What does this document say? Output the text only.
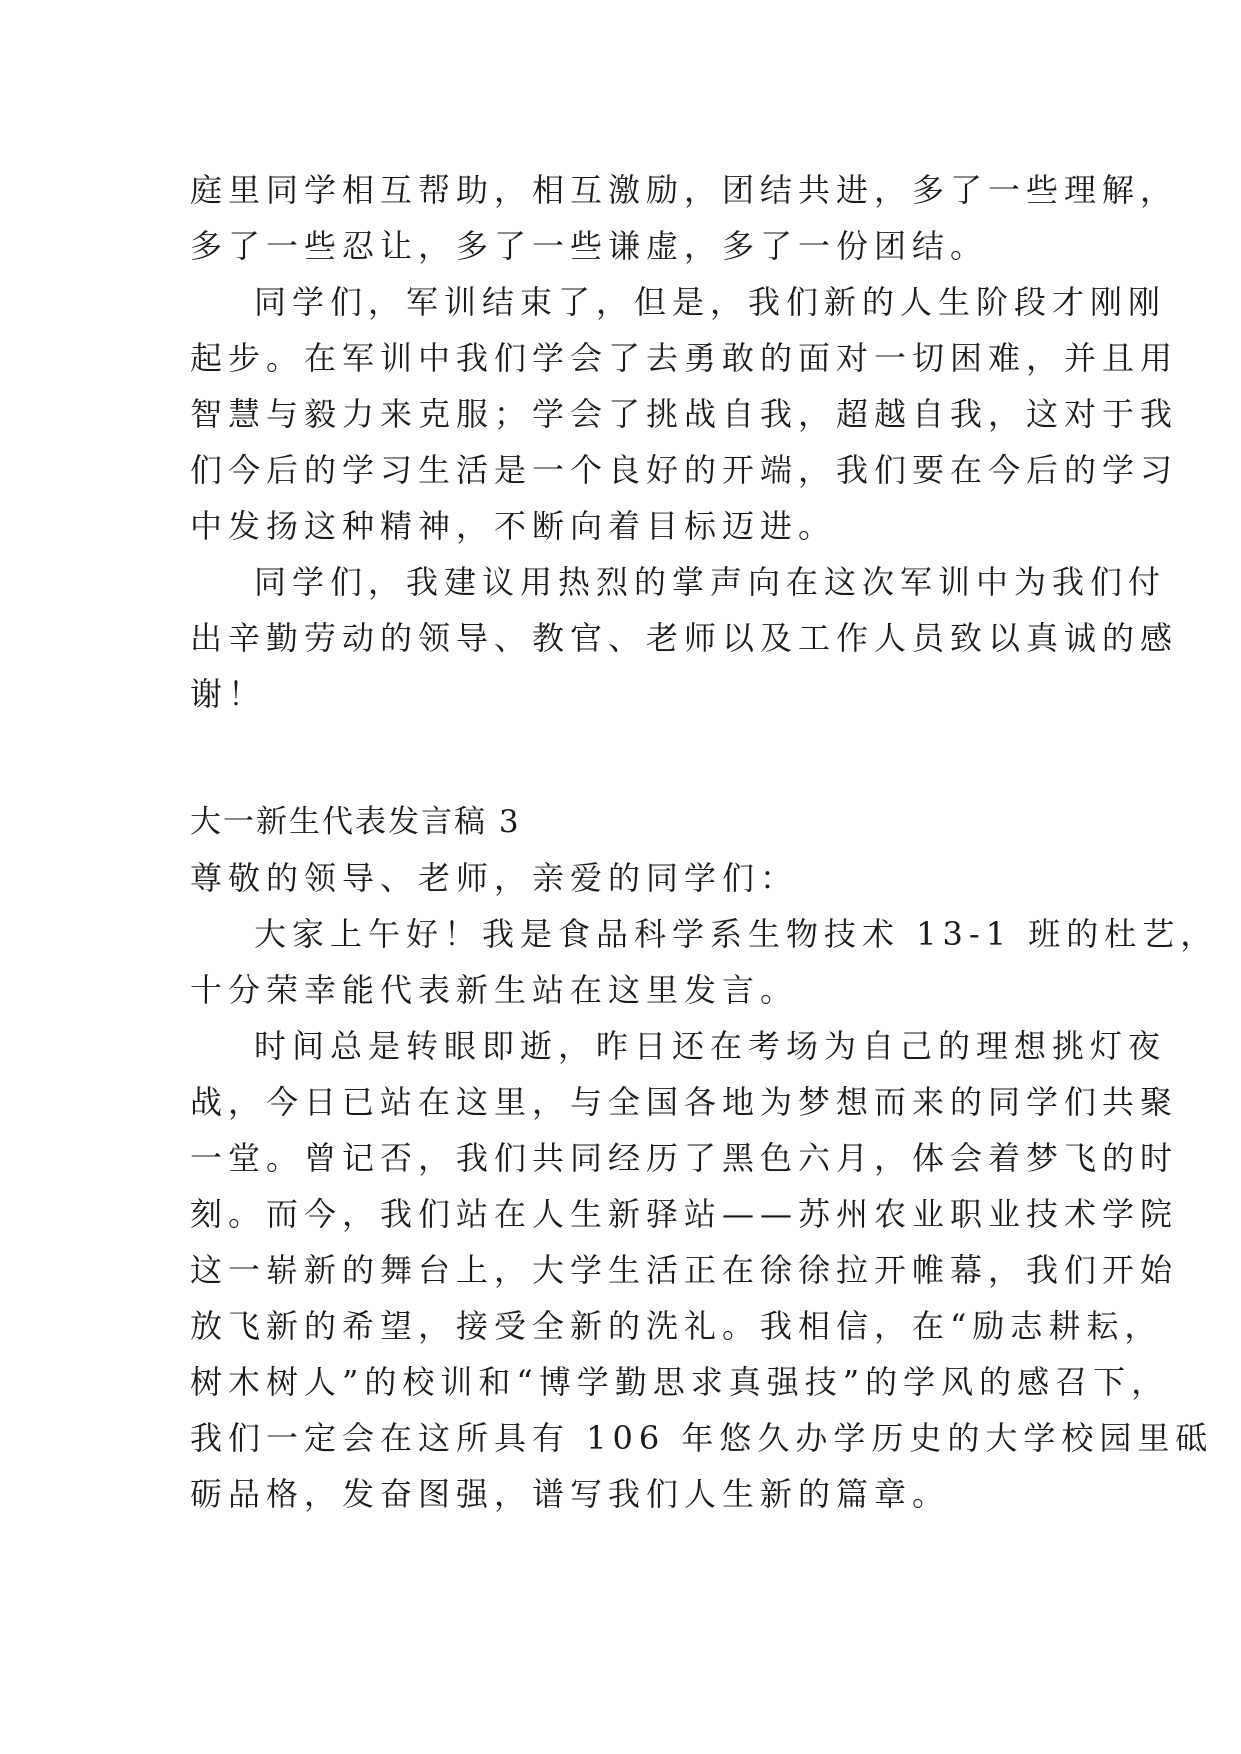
庭里同学相互帮助，相互激励，团结共进，多了一些理解，
多了一些忍让，多了一些谦虚，多了一份团结。
同学们，军训结束了，但是，我们新的人生阶段才刚刚
起步。在军训中我们学会了去勇敢的面对一切困难，并且用
智慧与毅力来克服；学会了挑战自我，超越自我，这对于我
们今后的学习生活是一个良好的开端，我们要在今后的学习
中发扬这种精神，不断向着目标迈进。
同学们，我建议用热烈的掌声向在这次军训中为我们付
出辛勤劳动的领导、教官、老师以及工作人员致以真诚的感
谢！
大一新生代表发言稿 3
尊敬的领导、老师，亲爱的同学们：
大家上午好！我是食品科学系生物技术 13-1 班的杜艺，
十分荣幸能代表新生站在这里发言。
时间总是转眼即逝，昨日还在考场为自己的理想挑灯夜
战，今日已站在这里，与全国各地为梦想而来的同学们共聚
一堂。曾记否，我们共同经历了黑色六月，体会着梦飞的时
刻。而今，我们站在人生新驿站——苏州农业职业技术学院
这一崭新的舞台上，大学生活正在徐徐拉开帷幕，我们开始
放飞新的希望，接受全新的洗礼。我相信，在“励志耕耘，
树木树人”的校训和“博学勤思求真强技”的学风的感召下，
我们一定会在这所具有 106 年悠久办学历史的大学校园里砥
砺品格，发奋图强，谱写我们人生新的篇章。
